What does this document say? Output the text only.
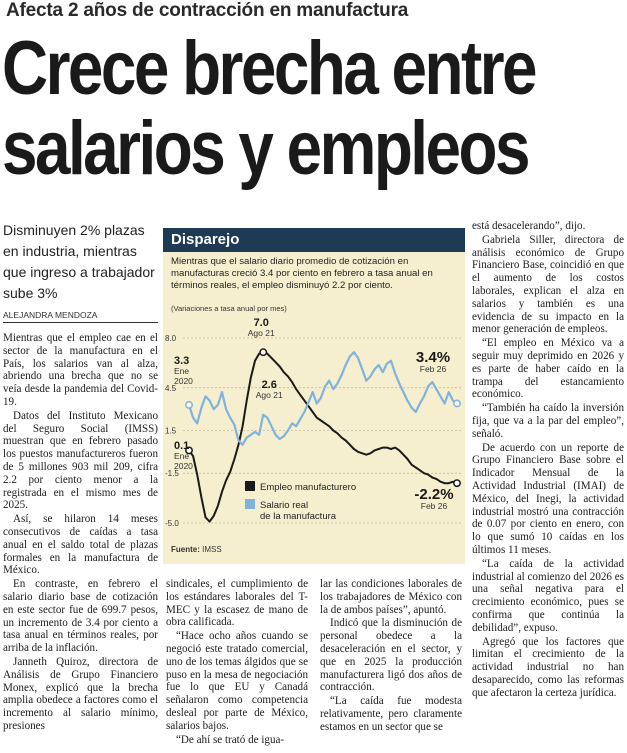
Afecta 2 años de contracción en manufactura
Crece brecha entre
salarios y empleos
Disminuyen 2% plazas en industria, mientras que ingreso a trabajador sube 3%
ALEJANDRA MENDOZA

Mientras que el empleo cae en el sector de la manufactura en el País, los salarios van al alza, abriendo una brecha que no se veía desde la pandemia del Covid-19.

Datos del Instituto Mexicano del Seguro Social (IMSS) muestran que en febrero pasado los puestos manufactureros fueron de 5 millones 903 mil 209, cifra 2.2 por ciento menor a la registrada en el mismo mes de 2025.

Así, se hilaron 14 meses consecutivos de caídas a tasa anual en el saldo total de plazas formales en la manufactura de México.

En contraste, en febrero el salario diario base de cotización en este sector fue de 699.7 pesos, un incremento de 3.4 por ciento a tasa anual en términos reales, por arriba de la inflación.

Janneth Quiroz, directora de Análisis de Grupo Financiero Monex, explicó que la brecha amplia obedece a factores como el incremento al salario mínimo, presiones

Disparejo
Mientras que el salario diario promedio de cotización en manufacturas creció 3.4 por ciento en febrero a tasa anual en términos reales, el empleo disminuyó 2.2 por ciento.
(Variaciones a tasa anual por mes)
8.0
4.5
1.5
-1.5
-5.0
3.3
Ene
2020
0.1
Ene
2020
7.0
Ago 21
2.6
Ago 21
3.4%
Feb 26
-2.2%
Feb 26
Empleo manufacturero
Salario real
de la manufactura
Fuente: IMSS

sindicales, el cumplimiento de los estándares laborales del T-MEC y la escasez de mano de obra calificada.

“Hace ocho años cuando se negoció este tratado comercial, uno de los temas álgidos que se puso en la mesa de negociación fue lo que EU y Canadá señalaron como competencia desleal por parte de México, salarios bajos.

“De ahí se trató de igua-

lar las condiciones laborales de los trabajadores de México con la de ambos países”, apuntó.

Indicó que la disminución de personal obedece a la desaceleración en el sector, y que en 2025 la producción manufacturera ligó dos años de contracción.

“La caída fue modesta relativamente, pero claramente estamos en un sector que se

está desacelerando”, dijo.

Gabriela Siller, directora de análisis económico de Grupo Financiero Base, coincidió en que el aumento de los costos laborales, explican el alza en salarios y también es una evidencia de su impacto en la menor generación de empleos.

“El empleo en México va a seguir muy deprimido en 2026 y es parte de haber caído en la trampa del estancamiento económico.

“También ha caído la inversión fija, que va a la par del empleo”, señaló.

De acuerdo con un reporte de Grupo Financiero Base sobre el Indicador Mensual de la Actividad Industrial (IMAI) de México, del Inegi, la actividad industrial mostró una contracción de 0.07 por ciento en enero, con lo que sumó 10 caídas en los últimos 11 meses.

“La caída de la actividad industrial al comienzo del 2026 es una señal negativa para el crecimiento económico, pues se confirma que continúa la debilidad”, expuso.

Agregó que los factores que limitan el crecimiento de la actividad industrial no han desaparecido, como las reformas que afectaron la certeza jurídica.
